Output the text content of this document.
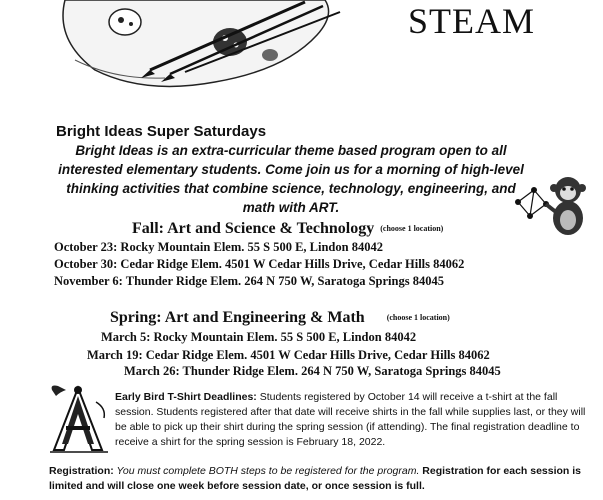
STEAM
Bright Ideas Super Saturdays
Bright Ideas is an extra-curricular theme based program open to all interested elementary students. Come join us for a morning of high-level thinking activities that combine science, technology, engineering, and math with ART.
Fall: Art and Science & Technology (choose 1 location)
October 23: Rocky Mountain Elem. 55 S 500 E, Lindon 84042
October 30: Cedar Ridge Elem. 4501 W Cedar Hills Drive, Cedar Hills 84062
November 6: Thunder Ridge Elem. 264 N 750 W, Saratoga Springs 84045
Spring: Art and Engineering & Math	(choose 1 location)
March 5: Rocky Mountain Elem. 55 S 500 E, Lindon 84042
March 19: Cedar Ridge Elem. 4501 W Cedar Hills Drive, Cedar Hills 84062
March 26: Thunder Ridge Elem. 264 N 750 W, Saratoga Springs 84045
Early Bird T-Shirt Deadlines: Students registered by October 14 will receive a t-shirt at the fall session. Students registered after that date will receive shirts in the fall while supplies last, or they will be able to pick up their shirt during the spring session (if attending). The final registration deadline to receive a shirt for the spring session is February 18, 2022.
Registration: You must complete BOTH steps to be registered for the program. Registration for each session is limited and will close one week before session date, or once session is full.
